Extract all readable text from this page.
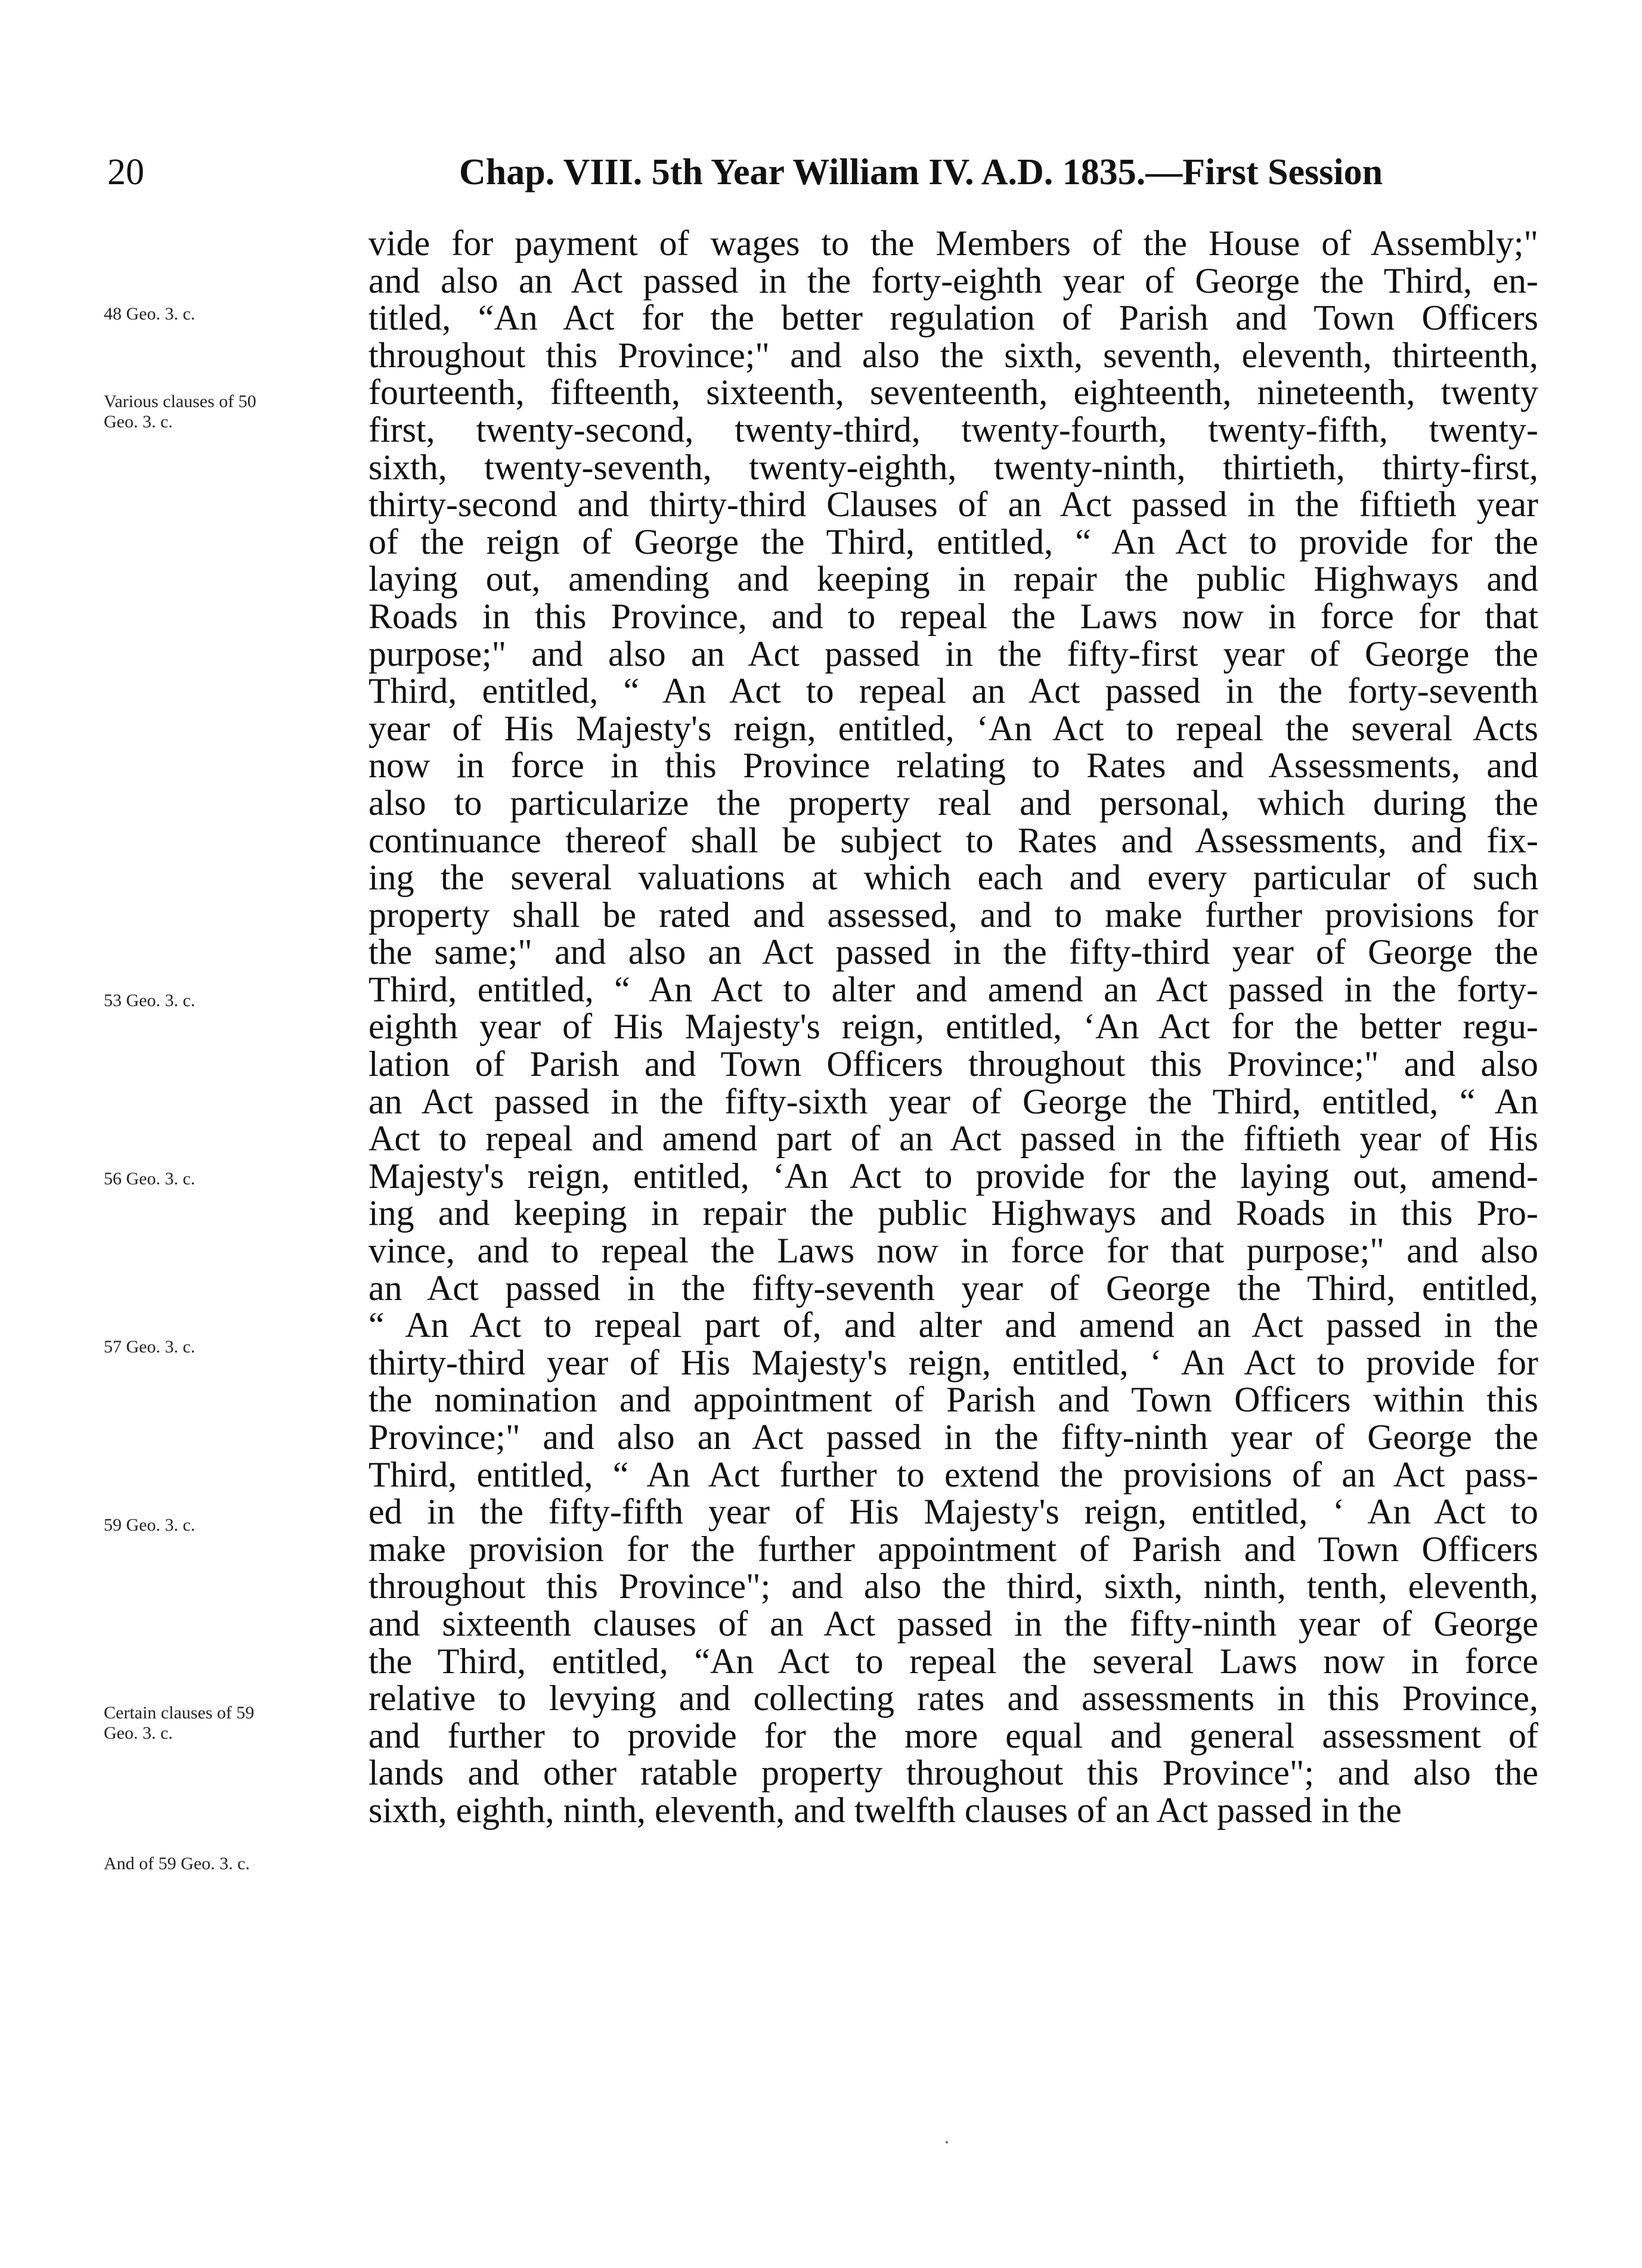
20	Chap. VIII. 5th Year William IV. A.D. 1835.—First Session
vide for payment of wages to the Members of the House of Assembly;"
and also an Act passed in the forty-eighth year of George the Third, en-
titled, “An Act for the better regulation of Parish and Town Officers
throughout this Province;" and also the sixth, seventh, eleventh, thirteenth,
fourteenth, fifteenth, sixteenth, seventeenth, eighteenth, nineteenth, twenty
first, twenty-second, twenty-third, twenty-fourth, twenty-fifth, twenty-
sixth, twenty-seventh, twenty-eighth, twenty-ninth, thirtieth, thirty-first,
thirty-second and thirty-third Clauses of an Act passed in the fiftieth year
of the reign of George the Third, entitled, “ An Act to provide for the
laying out, amending and keeping in repair the public Highways and
Roads in this Province, and to repeal the Laws now in force for that
purpose;" and also an Act passed in the fifty-first year of George the
Third, entitled, “ An Act to repeal an Act passed in the forty-seventh
year of His Majesty's reign, entitled, ‘An Act to repeal the several Acts
now in force in this Province relating to Rates and Assessments, and
also to particularize the property real and personal, which during the
continuance thereof shall be subject to Rates and Assessments, and fix-
ing the several valuations at which each and every particular of such
property shall be rated and assessed, and to make further provisions for
the same;" and also an Act passed in the fifty-third year of George the
Third, entitled, “ An Act to alter and amend an Act passed in the forty-
eighth year of His Majesty's reign, entitled, ‘An Act for the better regu-
lation of Parish and Town Officers throughout this Province;" and also
an Act passed in the fifty-sixth year of George the Third, entitled, “ An
Act to repeal and amend part of an Act passed in the fiftieth year of His
Majesty's reign, entitled, ‘An Act to provide for the laying out, amend-
ing and keeping in repair the public Highways and Roads in this Pro-
vince, and to repeal the Laws now in force for that purpose;" and also
an Act passed in the fifty-seventh year of George the Third, entitled,
“ An Act to repeal part of, and alter and amend an Act passed in the
thirty-third year of His Majesty's reign, entitled, ‘ An Act to provide for
the nomination and appointment of Parish and Town Officers within this
Province;" and also an Act passed in the fifty-ninth year of George the
Third, entitled, “ An Act further to extend the provisions of an Act pass-
ed in the fifty-fifth year of His Majesty's reign, entitled, ‘ An Act to
make provision for the further appointment of Parish and Town Officers
throughout this Province"; and also the third, sixth, ninth, tenth, eleventh,
and sixteenth clauses of an Act passed in the fifty-ninth year of George
the Third, entitled, “An Act to repeal the several Laws now in force
relative to levying and collecting rates and assessments in this Province,
and further to provide for the more equal and general assessment of
lands and other ratable property throughout this Province"; and also the
sixth, eighth, ninth, eleventh, and twelfth clauses of an Act passed in the
48 Geo. 3. c.
Various clauses of 50
Geo. 3. c.
53 Geo. 3. c.
56 Geo. 3. c.
57 Geo. 3. c.
59 Geo. 3. c.
Certain clauses of 59
Geo. 3. c.
And of 59 Geo. 3. c.
